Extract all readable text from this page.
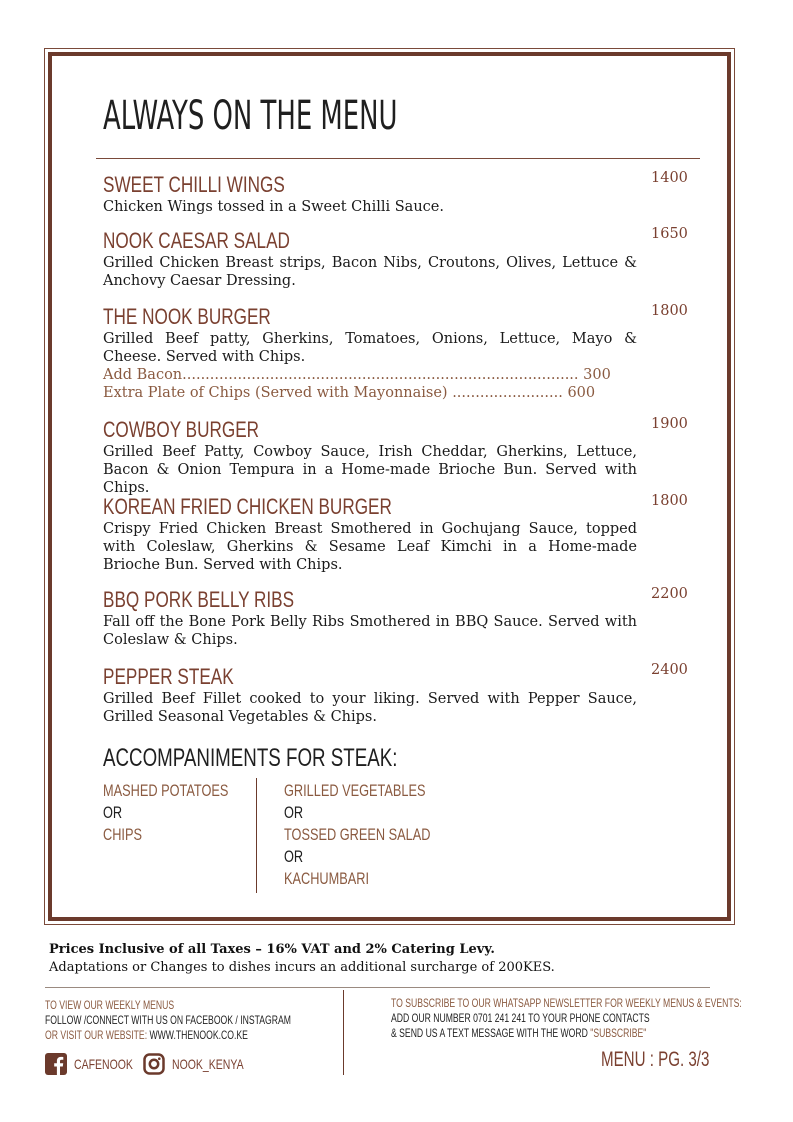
ALWAYS ON THE MENU
SWEET CHILLI WINGS
Chicken Wings tossed in a Sweet Chilli Sauce.
1400
NOOK CAESAR SALAD
Grilled Chicken Breast strips, Bacon Nibs, Croutons, Olives, Lettuce & Anchovy Caesar Dressing.
1650
THE NOOK BURGER
Grilled Beef patty, Gherkins, Tomatoes, Onions, Lettuce, Mayo & Cheese. Served with Chips.
Add Bacon...................................................................................... 300
Extra Plate of Chips (Served with Mayonnaise) ........................ 600
1800
COWBOY BURGER
Grilled Beef Patty, Cowboy Sauce, Irish Cheddar, Gherkins, Lettuce, Bacon & Onion Tempura in a Home-made Brioche Bun. Served with Chips.
1900
KOREAN FRIED CHICKEN BURGER
Crispy Fried Chicken Breast Smothered in Gochujang Sauce, topped with Coleslaw, Gherkins & Sesame Leaf Kimchi in a Home-made Brioche Bun. Served with Chips.
1800
BBQ PORK BELLY RIBS
Fall off the Bone Pork Belly Ribs Smothered in BBQ Sauce. Served with Coleslaw & Chips.
2200
PEPPER STEAK
Grilled Beef Fillet cooked to your liking. Served with Pepper Sauce, Grilled Seasonal Vegetables & Chips.
2400
ACCOMPANIMENTS FOR STEAK:
MASHED POTATOES
OR
CHIPS
GRILLED VEGETABLES
OR
TOSSED GREEN SALAD
OR
KACHUMBARI
Prices Inclusive of all Taxes – 16% VAT and 2% Catering Levy.
Adaptations or Changes to dishes incurs an additional surcharge of 200KES.
TO VIEW OUR WEEKLY MENUS
FOLLOW /CONNECT WITH US ON FACEBOOK / INSTAGRAM
OR VISIT OUR WEBSITE: WWW.THENOOK.CO.KE
CAFENOOK	NOOK_KENYA
TO SUBSCRIBE TO OUR WHATSAPP NEWSLETTER FOR WEEKLY MENUS & EVENTS:
ADD OUR NUMBER 0701 241 241 TO YOUR PHONE CONTACTS
& SEND US A TEXT MESSAGE WITH THE WORD "SUBSCRIBE"
MENU : PG. 3/3
